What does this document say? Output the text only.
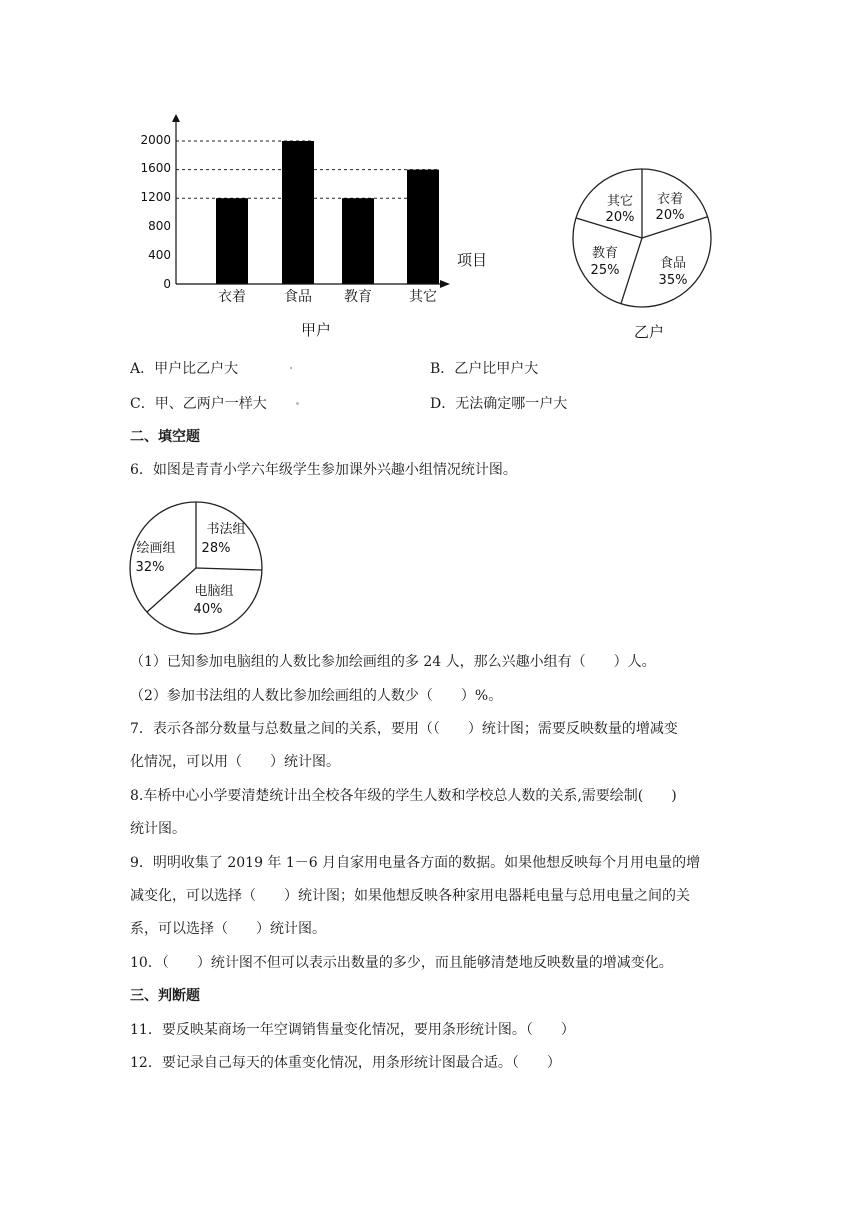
0
400
800
1200
1600
2000
衣着	食品 教育	其它
项目
甲户
衣着
20%
食品
35%
教育
25%
其它
20%
乙户
A．甲户比乙户大	B．乙户比甲户大
C．甲、乙两户一样大	D．无法确定哪一户大
二、填空题
6．如图是青青小学六年级学生参加课外兴趣小组情况统计图。
书法组
28%
电脑组
40%
绘画组
32%
（1）已知参加电脑组的人数比参加绘画组的多 24 人，那么兴趣小组有（　　）人。
（2）参加书法组的人数比参加绘画组的人数少（　　）%。
7．表示各部分数量与总数量之间的关系，要用（（　　）统计图；需要反映数量的增减变
化情况，可以用（　　）统计图。
8.车桥中心小学要清楚统计出全校各年级的学生人数和学校总人数的关系,需要绘制(　　)
统计图。
9．明明收集了 2019 年 1－6 月自家用电量各方面的数据。如果他想反映每个月用电量的增
减变化，可以选择（　　）统计图；如果他想反映各种家用电器耗电量与总用电量之间的关
系，可以选择（　　）统计图。
10．（　　）统计图不但可以表示出数量的多少，而且能够清楚地反映数量的增减变化。
三、判断题
11．要反映某商场一年空调销售量变化情况，要用条形统计图。（　　）
12．要记录自己每天的体重变化情况，用条形统计图最合适。（　　）
